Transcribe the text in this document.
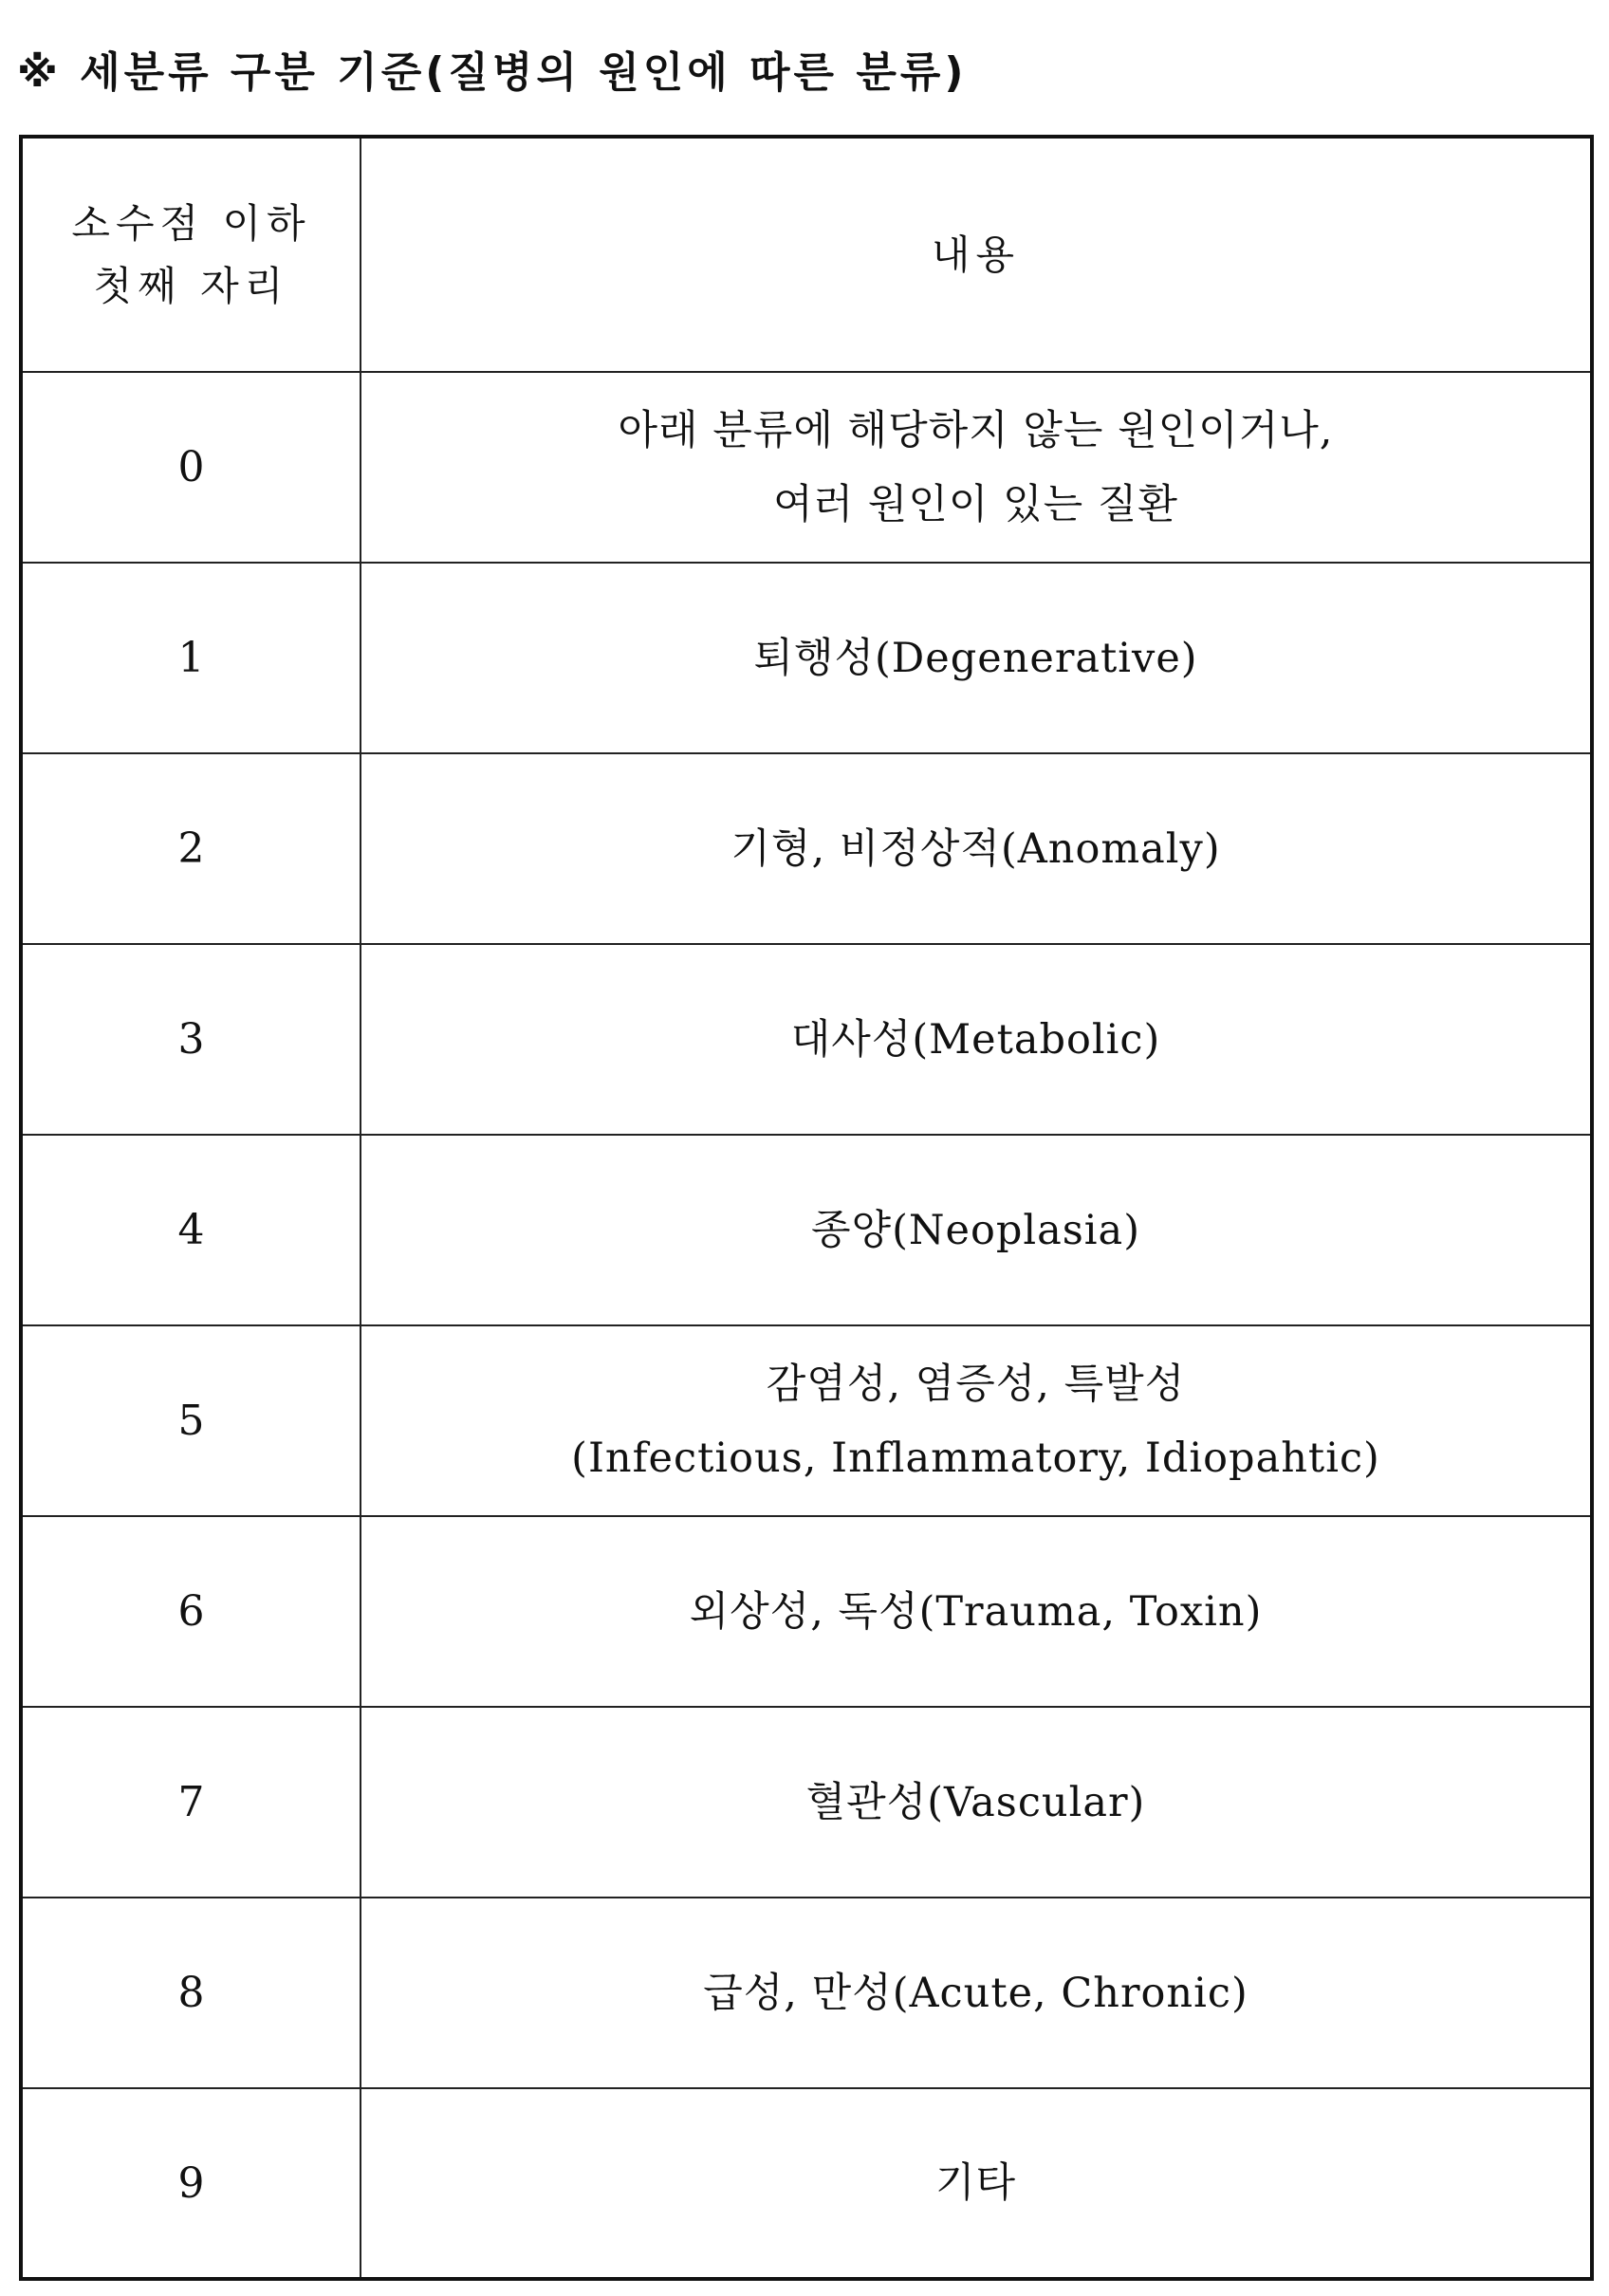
※ 세분류 구분 기준(질병의 원인에 따른 분류)
소수점 이하
첫째 자리	내용
0	아래 분류에 해당하지 않는 원인이거나,
여러 원인이 있는 질환

1	퇴행성(Degenerative)
2	기형, 비정상적(Anomaly)
3	대사성(Metabolic)
4	종양(Neoplasia)
5	감염성, 염증성, 특발성
(Infectious, Inflammatory, Idiopahtic)

6	외상성, 독성(Trauma, Toxin)
7	혈관성(Vascular)
8	급성, 만성(Acute, Chronic)
9	기타
